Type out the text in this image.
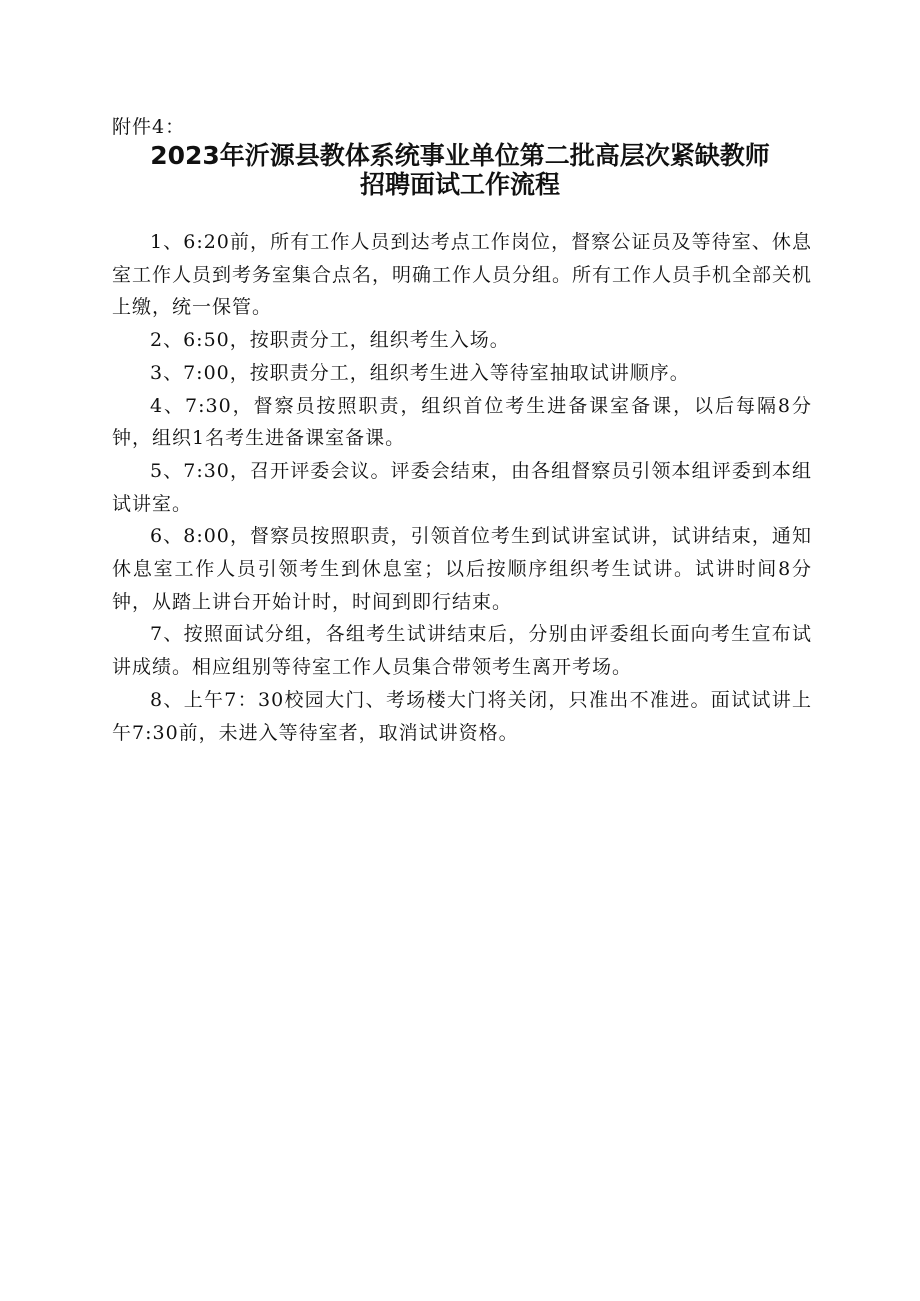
附件4：
2023年沂源县教体系统事业单位第二批高层次紧缺教师
招聘面试工作流程

1、6:20前，所有工作人员到达考点工作岗位，督察公证员及等待室、休息室工作人员到考务室集合点名，明确工作人员分组。所有工作人员手机全部关机上缴，统一保管。

2、6:50，按职责分工，组织考生入场。

3、7:00，按职责分工，组织考生进入等待室抽取试讲顺序。

4、7:30，督察员按照职责，组织首位考生进备课室备课，以后每隔8分钟，组织1名考生进备课室备课。

5、7:30，召开评委会议。评委会结束，由各组督察员引领本组评委到本组试讲室。

6、8:00，督察员按照职责，引领首位考生到试讲室试讲，试讲结束，通知休息室工作人员引领考生到休息室；以后按顺序组织考生试讲。试讲时间8分钟，从踏上讲台开始计时，时间到即行结束。

7、按照面试分组，各组考生试讲结束后，分别由评委组长面向考生宣布试讲成绩。相应组别等待室工作人员集合带领考生离开考场。

8、上午7：30校园大门、考场楼大门将关闭，只准出不准进。面试试讲上午7:30前，未进入等待室者，取消试讲资格。
